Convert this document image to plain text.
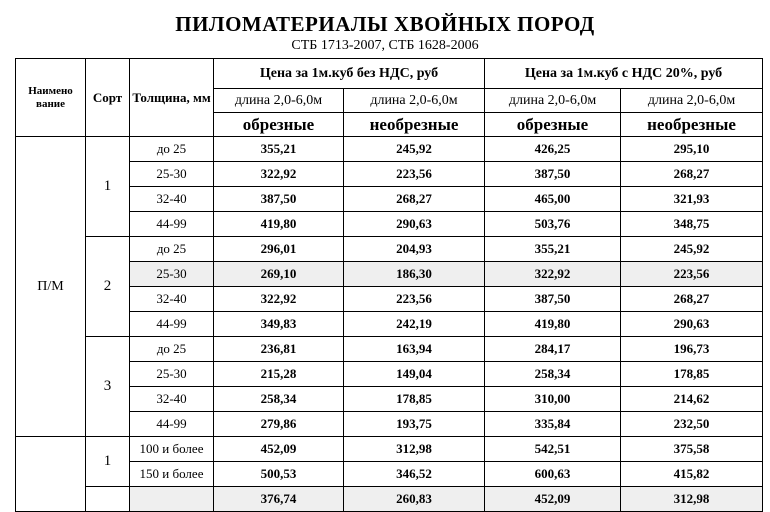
ПИЛОМАТЕРИАЛЫ ХВОЙНЫХ ПОРОД
СТБ 1713-2007, СТБ 1628-2006
Наимено вание	Сорт	Толщина, мм	Цена за 1м.куб без НДС, руб		Цена за 1м.куб с НДС 20%, руб	
			длина 2,0-6,0м	длина 2,0-6,0м	длина 2,0-6,0м	длина 2,0-6,0м
			обрезные	необрезные	обрезные	необрезные
П/М	1	до 25	355,21	245,92	426,25	295,10
		25-30	322,92	223,56	387,50	268,27
		32-40	387,50	268,27	465,00	321,93
		44-99	419,80	290,63	503,76	348,75
	2	до 25	296,01	204,93	355,21	245,92
		25-30	269,10	186,30	322,92	223,56
		32-40	322,92	223,56	387,50	268,27
		44-99	349,83	242,19	419,80	290,63
	3	до 25	236,81	163,94	284,17	196,73
		25-30	215,28	149,04	258,34	178,85
		32-40	258,34	178,85	310,00	214,62
		44-99	279,86	193,75	335,84	232,50
	1	100 и более	452,09	312,98	542,51	375,58
		150 и более	500,53	346,52	600,63	415,82
			376,74	260,83	452,09	312,98
